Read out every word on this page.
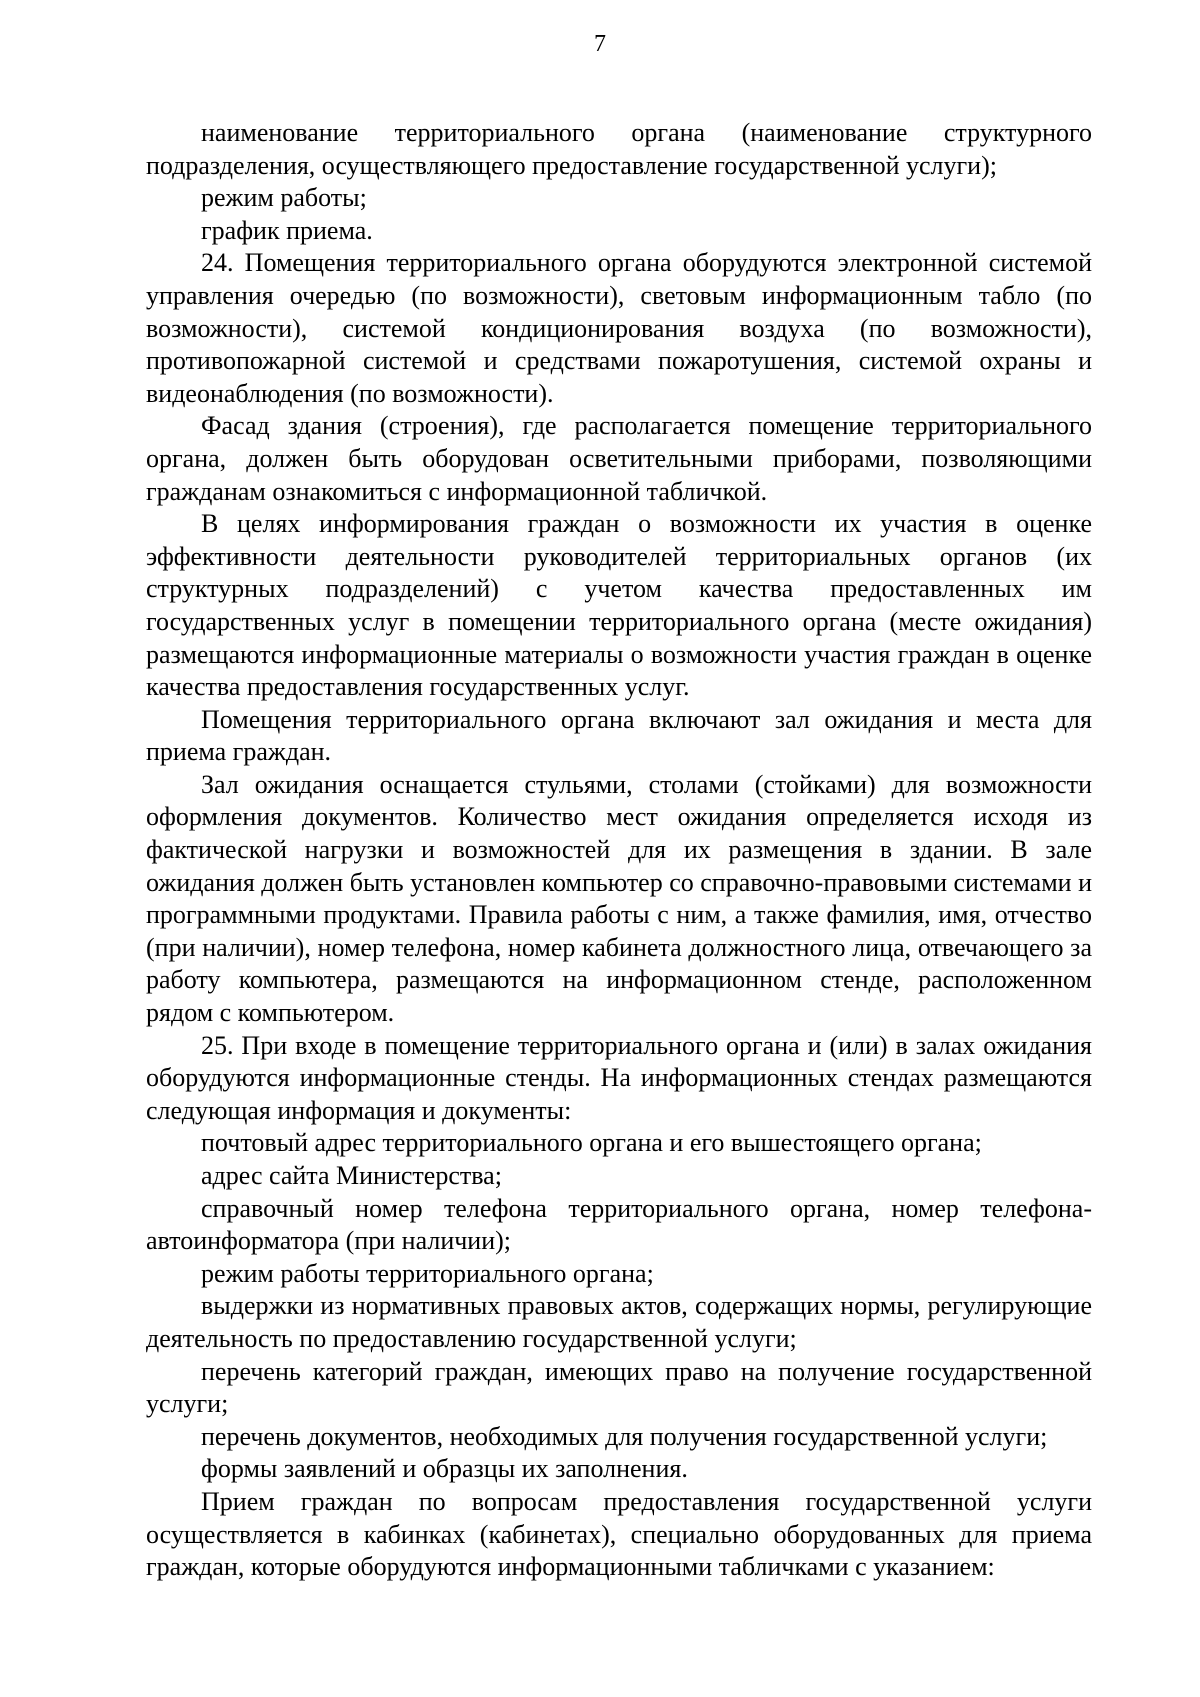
7

наименование территориального органа (наименование структурного подразделения, осуществляющего предоставление государственной услуги);

режим работы;

график приема.

24. Помещения территориального органа оборудуются электронной системой управления очередью (по возможности), световым информационным табло (по возможности), системой кондиционирования воздуха (по возможности), противопожарной системой и средствами пожаротушения, системой охраны и видеонаблюдения (по возможности).

Фасад здания (строения), где располагается помещение территориального органа, должен быть оборудован осветительными приборами, позволяющими гражданам ознакомиться с информационной табличкой.

В целях информирования граждан о возможности их участия в оценке эффективности деятельности руководителей территориальных органов (их структурных подразделений) с учетом качества предоставленных им государственных услуг в помещении территориального органа (месте ожидания) размещаются информационные материалы о возможности участия граждан в оценке качества предоставления государственных услуг.

Помещения территориального органа включают зал ожидания и места для приема граждан.

Зал ожидания оснащается стульями, столами (стойками) для возможности оформления документов. Количество мест ожидания определяется исходя из фактической нагрузки и возможностей для их размещения в здании. В зале ожидания должен быть установлен компьютер со справочно-правовыми системами и программными продуктами. Правила работы с ним, а также фамилия, имя, отчество (при наличии), номер телефона, номер кабинета должностного лица, отвечающего за работу компьютера, размещаются на информационном стенде, расположенном рядом с компьютером.

25. При входе в помещение территориального органа и (или) в залах ожидания оборудуются информационные стенды. На информационных стендах размещаются следующая информация и документы:

почтовый адрес территориального органа и его вышестоящего органа;

адрес сайта Министерства;

справочный номер телефона территориального органа, номер телефона-автоинформатора (при наличии);

режим работы территориального органа;

выдержки из нормативных правовых актов, содержащих нормы, регулирующие деятельность по предоставлению государственной услуги;

перечень категорий граждан, имеющих право на получение государственной услуги;

перечень документов, необходимых для получения государственной услуги;

формы заявлений и образцы их заполнения.

Прием граждан по вопросам предоставления государственной услуги осуществляется в кабинках (кабинетах), специально оборудованных для приема граждан, которые оборудуются информационными табличками с указанием:
